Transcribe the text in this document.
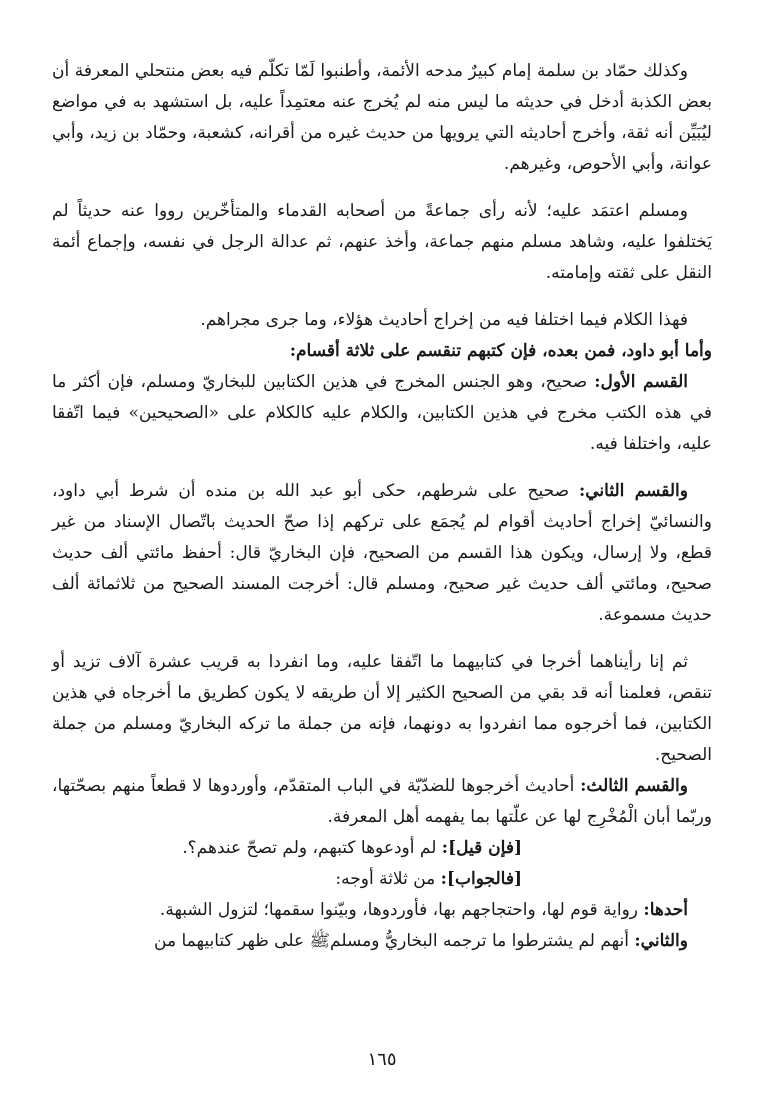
وكذلك حمّاد بن سلمة إمام كبيرٌ مدحه الأئمة، وأطنبوا لَمّا تكلّم فيه بعض منتحلي المعرفة أن بعض الكذبة أدخل في حديثه ما ليس منه لم يُخرج عنه معتمِداً عليه، بل استشهد به في مواضع ليُبَيِّن أنه ثقة، وأخرج أحاديثه التي يرويها من حديث غيره من أقرانه، كشعبة، وحمّاد بن زيد، وأبي عوانة، وأبي الأحوص، وغيرهم.

ومسلم اعتمَد عليه؛ لأنه رأى جماعةً من أصحابه القدماء والمتأخّرين رووا عنه حديثاً لم يَختلفوا عليه، وشاهد مسلم منهم جماعة، وأخذ عنهم، ثم عدالة الرجل في نفسه، وإجماع أئمة النقل على ثقته وإمامته.

فهذا الكلام فيما اختلفا فيه من إخراج أحاديث هؤلاء، وما جرى مجراهم.

وأما أبو داود، فمن بعده، فإن كتبهم تنقسم على ثلاثة أقسام:

القسم الأول: صحيح، وهو الجنس المخرج في هذين الكتابين للبخاريّ ومسلم، فإن أكثر ما في هذه الكتب مخرج في هذين الكتابين، والكلام عليه كالكلام على «الصحيحين» فيما اتّفقا عليه، واختلفا فيه.

والقسم الثاني: صحيح على شرطهم، حكى أبو عبد الله بن منده أن شرط أبي داود، والنسائيّ إخراج أحاديث أقوام لم يُجمَع على تركهم إذا صحّ الحديث باتّصال الإسناد من غير قطع، ولا إرسال، ويكون هذا القسم من الصحيح، فإن البخاريّ قال: أحفظ مائتي ألف حديث صحيح، ومائتي ألف حديث غير صحيح، ومسلم قال: أخرجت المسند الصحيح من ثلاثمائة ألف حديث مسموعة.

ثم إنا رأيناهما أخرجا في كتابيهما ما اتّفقا عليه، وما انفردا به قريب عشرة آلاف تزيد أو تنقص، فعلمنا أنه قد بقي من الصحيح الكثير إلا أن طريقه لا يكون كطريق ما أخرجاه في هذين الكتابين، فما أخرجوه مما انفردوا به دونهما، فإنه من جملة ما تركه البخاريّ ومسلم من جملة الصحيح.

والقسم الثالث: أحاديث أخرجوها للضدّيّة في الباب المتقدّم، وأوردوها لا قطعاً منهم بصحّتها، وربّما أبان الْمُخْرِج لها عن علّتها بما يفهمه أهل المعرفة.

[فإن قيل]: لم أودعوها كتبهم، ولم تصحّ عندهم؟.

[فالجواب]: من ثلاثة أوجه:

أحدها: رواية قوم لها، واحتجاجهم بها، فأوردوها، وبيّنوا سقمها؛ لتزول الشبهة.

والثاني: أنهم لم يشترطوا ما ترجمه البخاريُّ ومسلمﷺ على ظهر كتابيهما من

١٦٥
